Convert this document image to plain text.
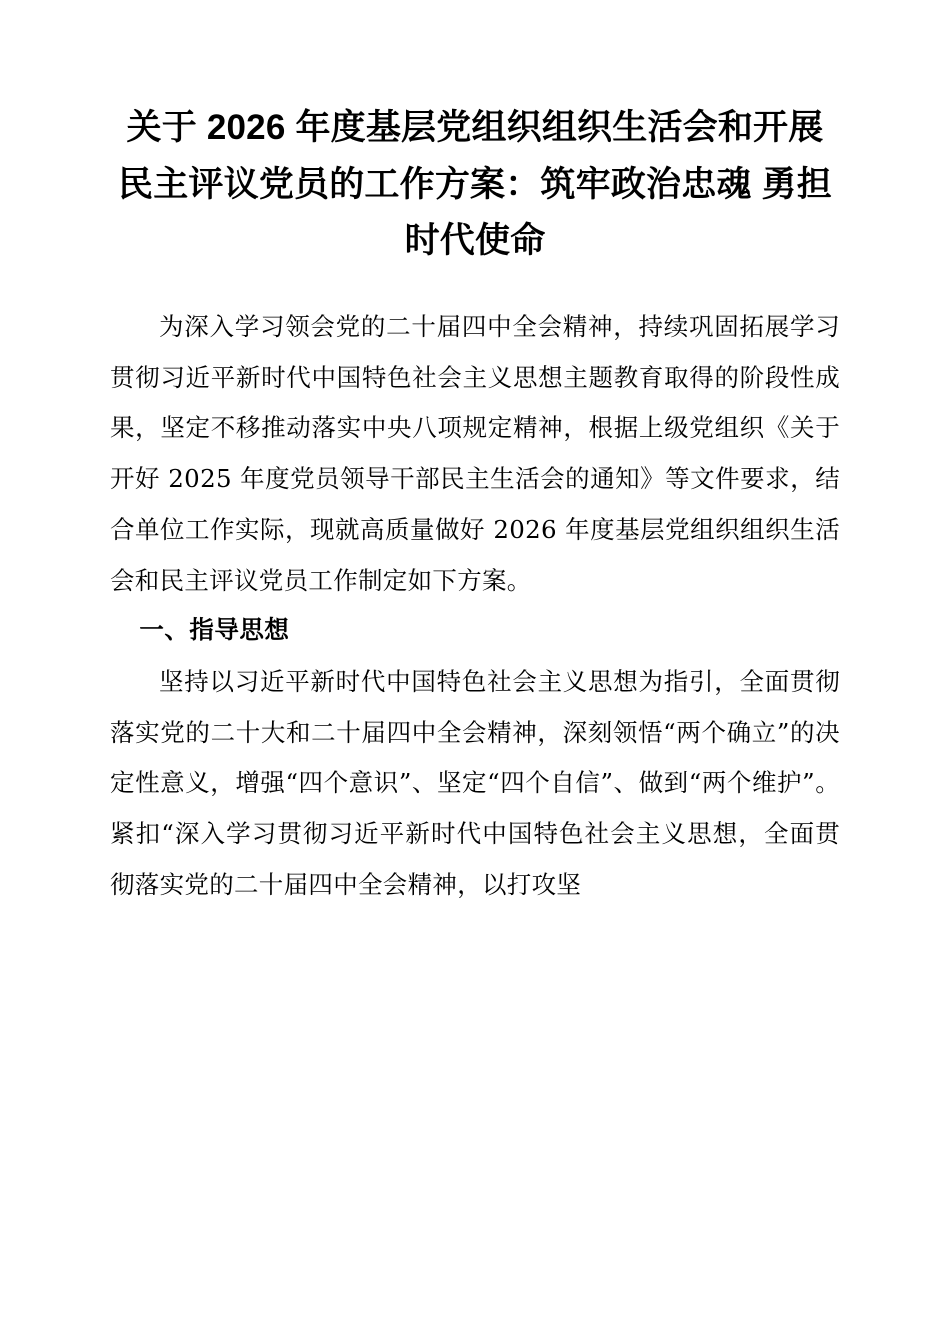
关于 2026 年度基层党组织组织生活会和开展民主评议党员的工作方案：筑牢政治忠魂 勇担时代使命

为深入学习领会党的二十届四中全会精神，持续巩固拓展学习贯彻习近平新时代中国特色社会主义思想主题教育取得的阶段性成果，坚定不移推动落实中央八项规定精神，根据上级党组织《关于开好 2025 年度党员领导干部民主生活会的通知》等文件要求，结合单位工作实际，现就高质量做好 2026 年度基层党组织组织生活会和民主评议党员工作制定如下方案。

一、指导思想

坚持以习近平新时代中国特色社会主义思想为指引，全面贯彻落实党的二十大和二十届四中全会精神，深刻领悟“两个确立”的决定性意义，增强“四个意识”、坚定“四个自信”、做到“两个维护”。紧扣“深入学习贯彻习近平新时代中国特色社会主义思想，全面贯彻落实党的二十届四中全会精神，以打攻坚
